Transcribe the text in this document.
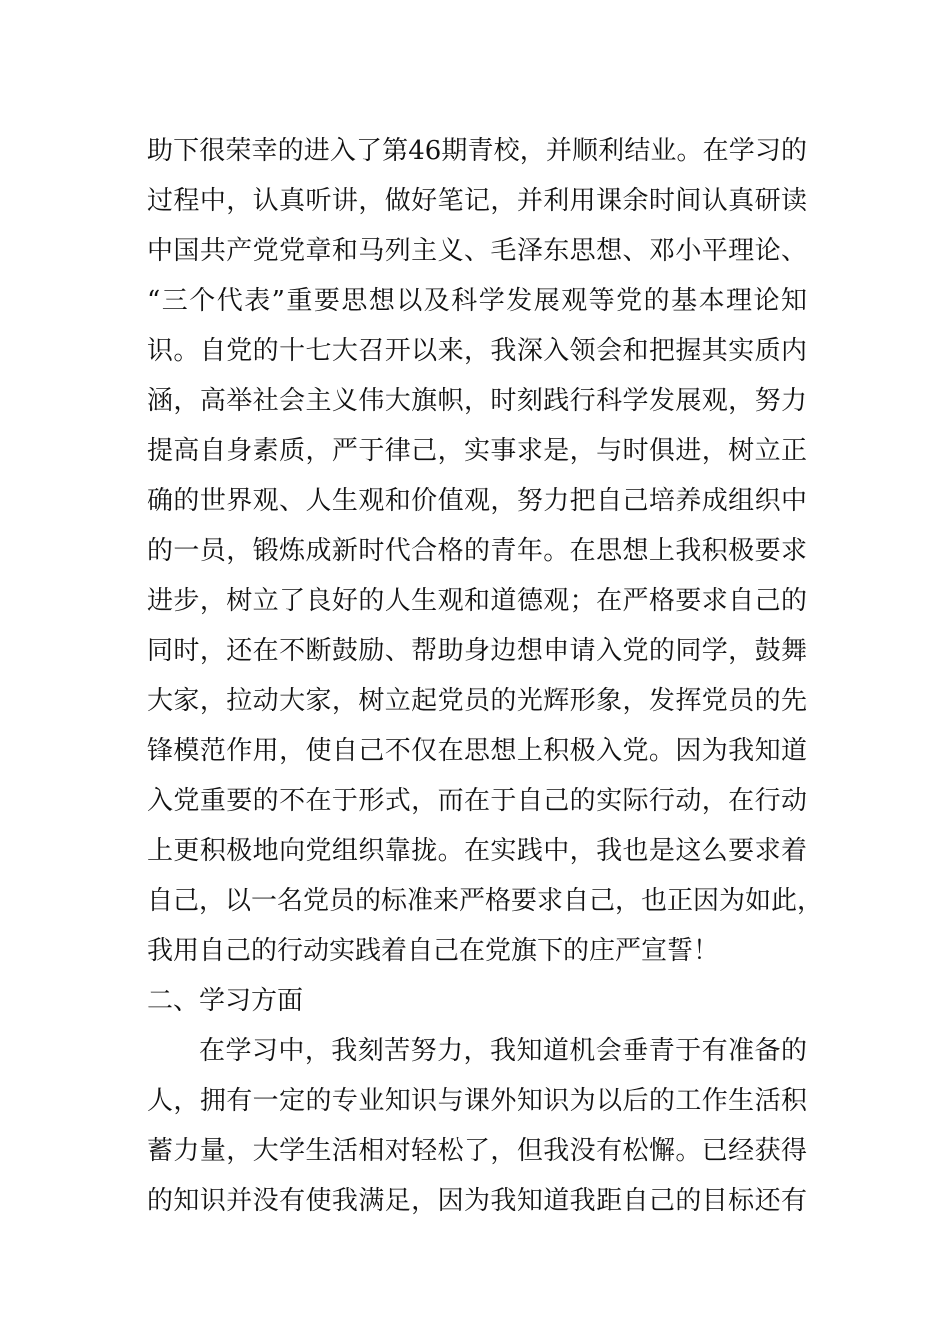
助下很荣幸的进入了第46期青校，并顺利结业。在学习的
过程中，认真听讲，做好笔记，并利用课余时间认真研读
中国共产党党章和马列主义、毛泽东思想、邓小平理论、
“三个代表”重要思想以及科学发展观等党的基本理论知
识。自党的十七大召开以来，我深入领会和把握其实质内
涵，高举社会主义伟大旗帜，时刻践行科学发展观，努力
提高自身素质，严于律己，实事求是，与时俱进，树立正
确的世界观、人生观和价值观，努力把自己培养成组织中
的一员，锻炼成新时代合格的青年。在思想上我积极要求
进步，树立了良好的人生观和道德观；在严格要求自己的
同时，还在不断鼓励、帮助身边想申请入党的同学，鼓舞
大家，拉动大家，树立起党员的光辉形象，发挥党员的先
锋模范作用，使自己不仅在思想上积极入党。因为我知道
入党重要的不在于形式，而在于自己的实际行动，在行动
上更积极地向党组织靠拢。在实践中，我也是这么要求着
自己，以一名党员的标准来严格要求自己，也正因为如此，
我用自己的行动实践着自己在党旗下的庄严宣誓！
二、学习方面
在学习中，我刻苦努力，我知道机会垂青于有准备的
人，拥有一定的专业知识与课外知识为以后的工作生活积
蓄力量，大学生活相对轻松了，但我没有松懈。已经获得
的知识并没有使我满足，因为我知道我距自己的目标还有
